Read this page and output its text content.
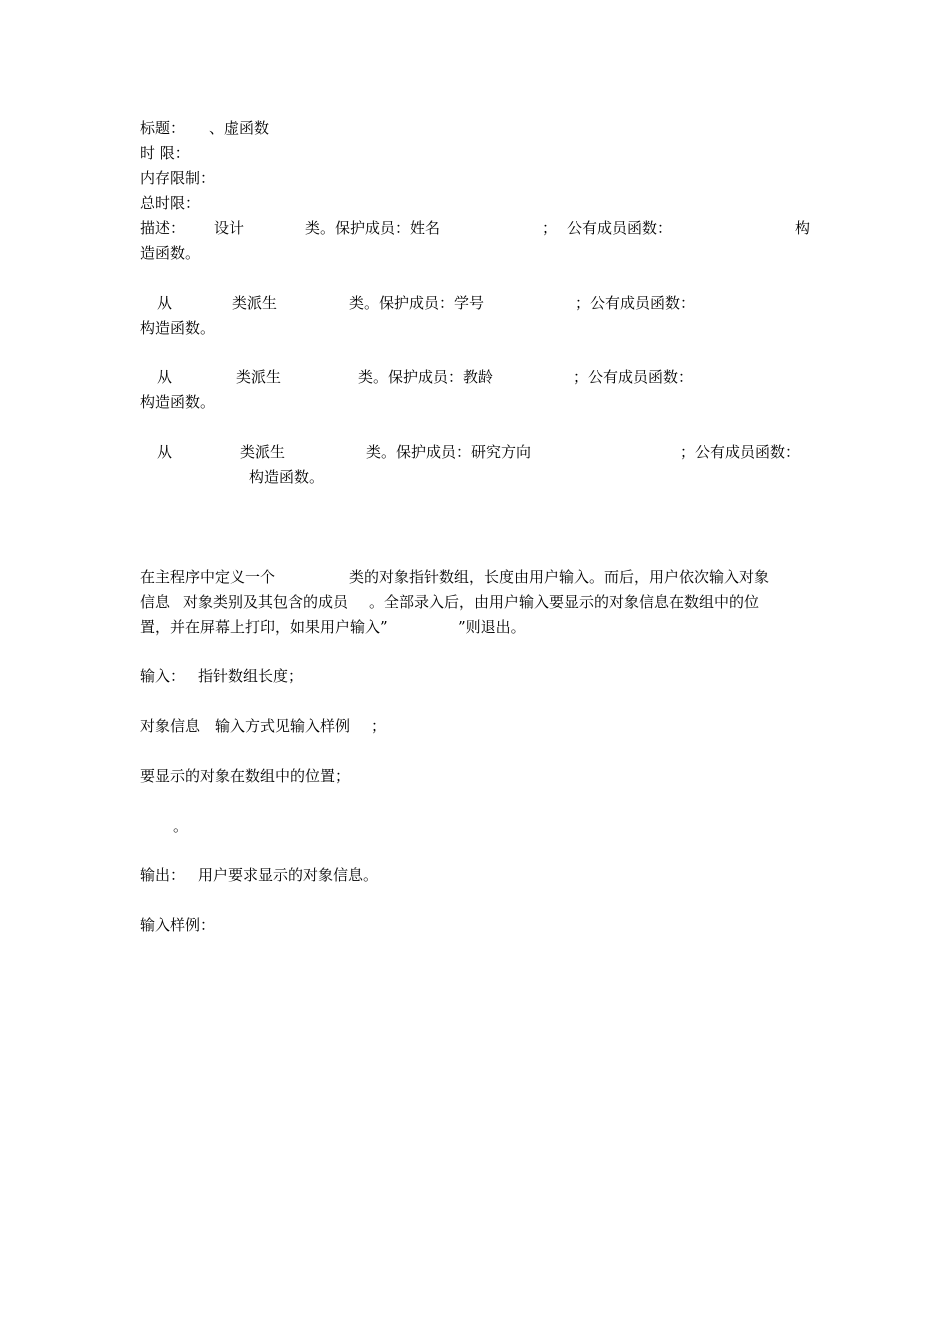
标题： 、虚函数
时 限：
内存限制：
总时限：
描述： 设计	类。保护成员：姓名	； 公有成员函数：	构
造函数。
从	类派生	类。保护成员：学号	；公有成员函数：
构造函数。
从	类派生	类。保护成员：教龄	；公有成员函数：
构造函数。
从	类派生	类。保护成员：研究方向	；公有成员函数：
构造函数。
在主程序中定义一个	类的对象指针数组，长度由用户输入。而后，用户依次输入对象
信息 对象类别及其包含的成员 。全部录入后，由用户输入要显示的对象信息在数组中的位
置，并在屏幕上打印，如果用户输入”	”则退出。
输入： 指针数组长度；
对象信息 输入方式见输入样例 ；
要显示的对象在数组中的位置；
。
输出： 用户要求显示的对象信息。
输入样例：
